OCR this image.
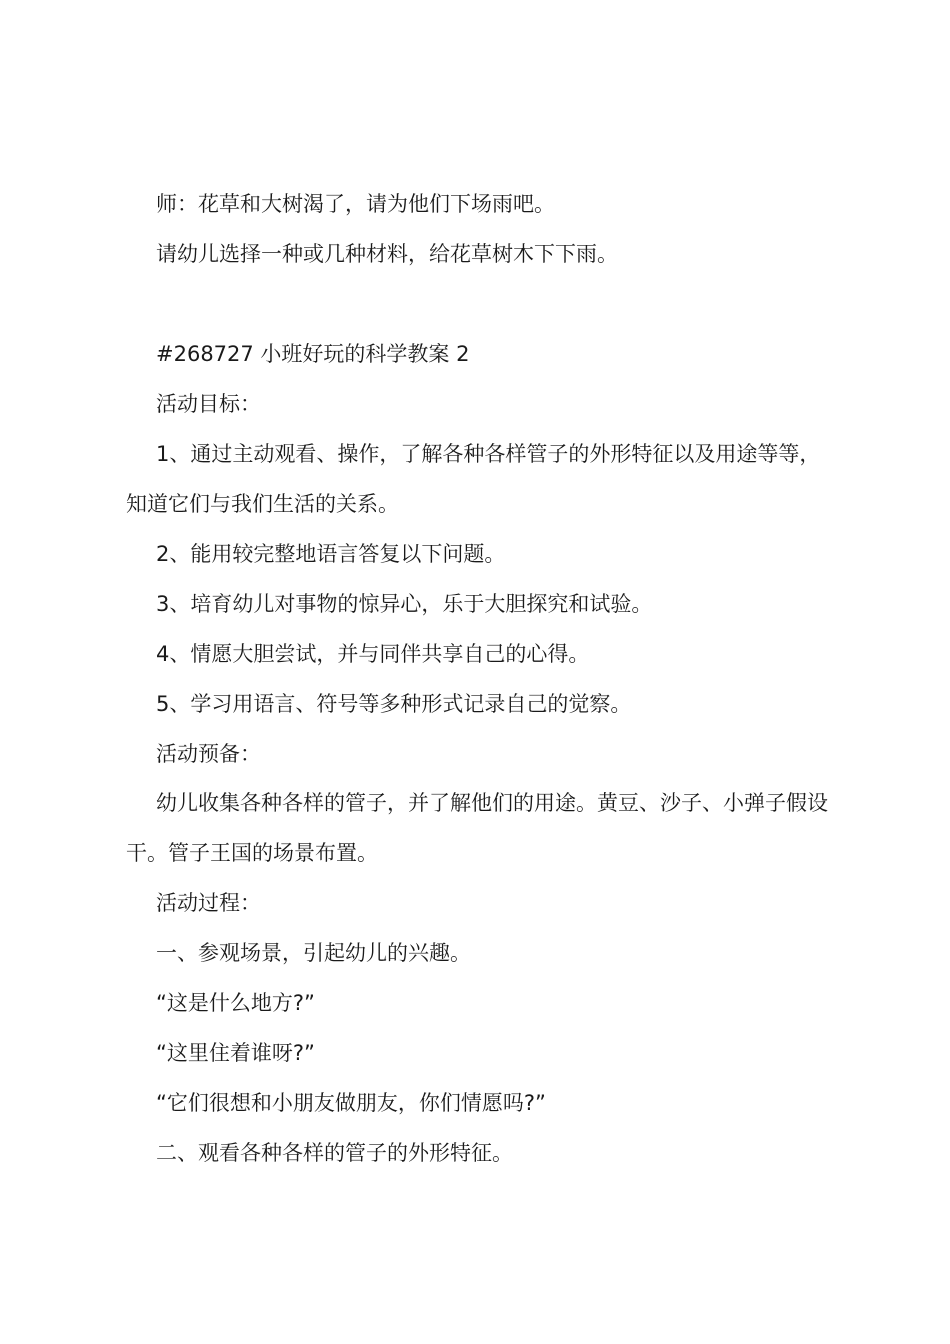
师：花草和大树渴了，请为他们下场雨吧。
请幼儿选择一种或几种材料，给花草树木下下雨。
#268727 小班好玩的科学教案 2
活动目标：
1、通过主动观看、操作，了解各种各样管子的外形特征以及用途等等，知道它们与我们生活的关系。
2、能用较完整地语言答复以下问题。
3、培育幼儿对事物的惊异心，乐于大胆探究和试验。
4、情愿大胆尝试，并与同伴共享自己的心得。
5、学习用语言、符号等多种形式记录自己的觉察。
活动预备：
幼儿收集各种各样的管子，并了解他们的用途。黄豆、沙子、小弹子假设干。管子王国的场景布置。
活动过程：
一、参观场景，引起幼儿的兴趣。
“这是什么地方?”
“这里住着谁呀?”
“它们很想和小朋友做朋友，你们情愿吗?”
二、观看各种各样的管子的外形特征。
